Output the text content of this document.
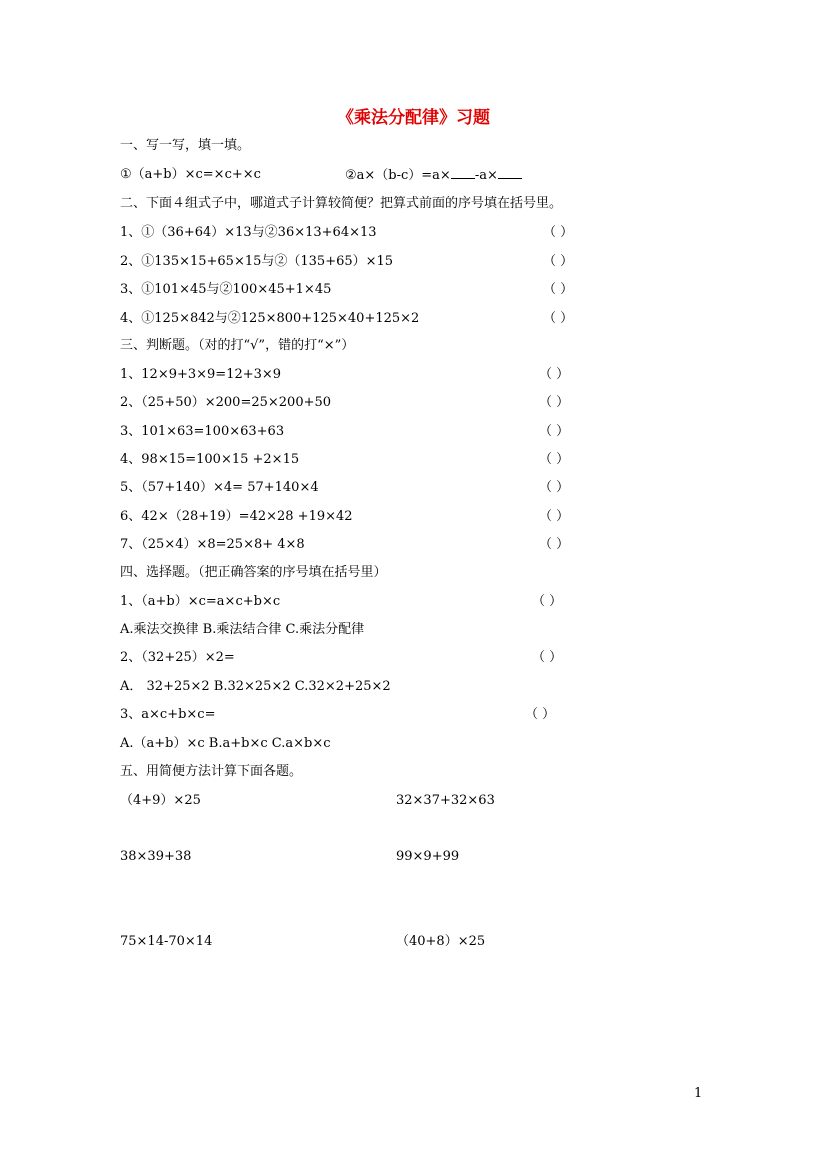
《乘法分配律》习题
一、写一写，填一填。
①（a+b）×c=×c+×c	②a×（b-c）=a× -a×
二、下面４组式子中，哪道式子计算较简便？把算式前面的序号填在括号里。
1、①（36+64）×13与②36×13+64×13	（ ）
2、①135×15+65×15与②（135+65）×15	（ ）
3、①101×45与②100×45+1×45	（ ）
4、①125×842与②125×800+125×40+125×2	（ ）
三、判断题。（对的打“√”，错的打“×”）
1、12×9+3×9=12+3×9	（ ）
2、（25+50）×200=25×200+50	（ ）
3、101×63=100×63+63	（ ）
4、98×15=100×15 +2×15	（ ）
5、（57+140）×4= 57+140×4	（ ）
6、42×（28+19）=42×28 +19×42	（ ）
7、（25×4）×8=25×8+ 4×8	（ ）
四、选择题。（把正确答案的序号填在括号里）
1、（a+b）×c=a×c+b×c	（ ）
A.乘法交换律 B.乘法结合律 C.乘法分配律
2、（32+25）×2=	（ ）
A． 32+25×2 B.32×25×2 C.32×2+25×2
3、a×c+b×c=	（ ）
A.（a+b）×c B.a+b×c C.a×b×c
五、用简便方法计算下面各题。
（4+9）×25	32×37+32×63
38×39+38	99×9+99
75×14-70×14	（40+8）×25
1
